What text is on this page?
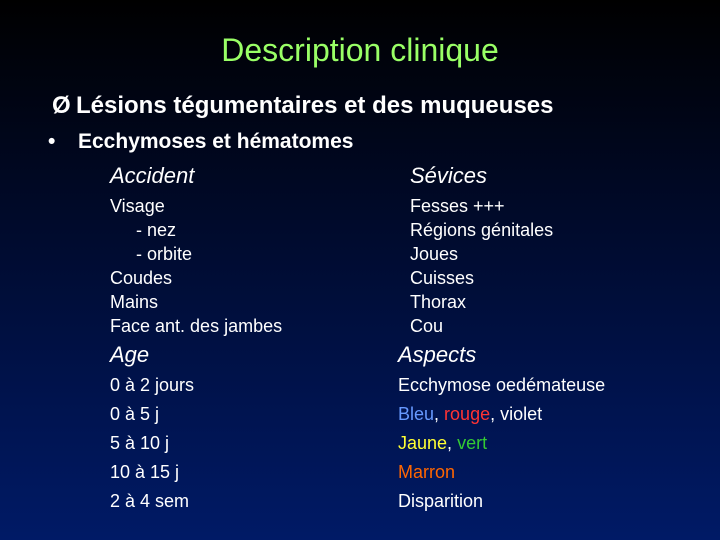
Description clinique
Ø Lésions tégumentaires et des muqueuses
• Ecchymoses et hématomes
Accident
Visage
- nez
- orbite
Coudes
Mains
Face ant. des jambes
Sévices
Fesses +++
Régions génitales
Joues
Cuisses
Thorax
Cou
Age
0 à 2 jours
0 à 5 j
5 à 10 j
10 à 15 j
2 à 4 sem
Aspects
Ecchymose oedémateuse
Bleu, rouge, violet
Jaune, vert
Marron
Disparition
